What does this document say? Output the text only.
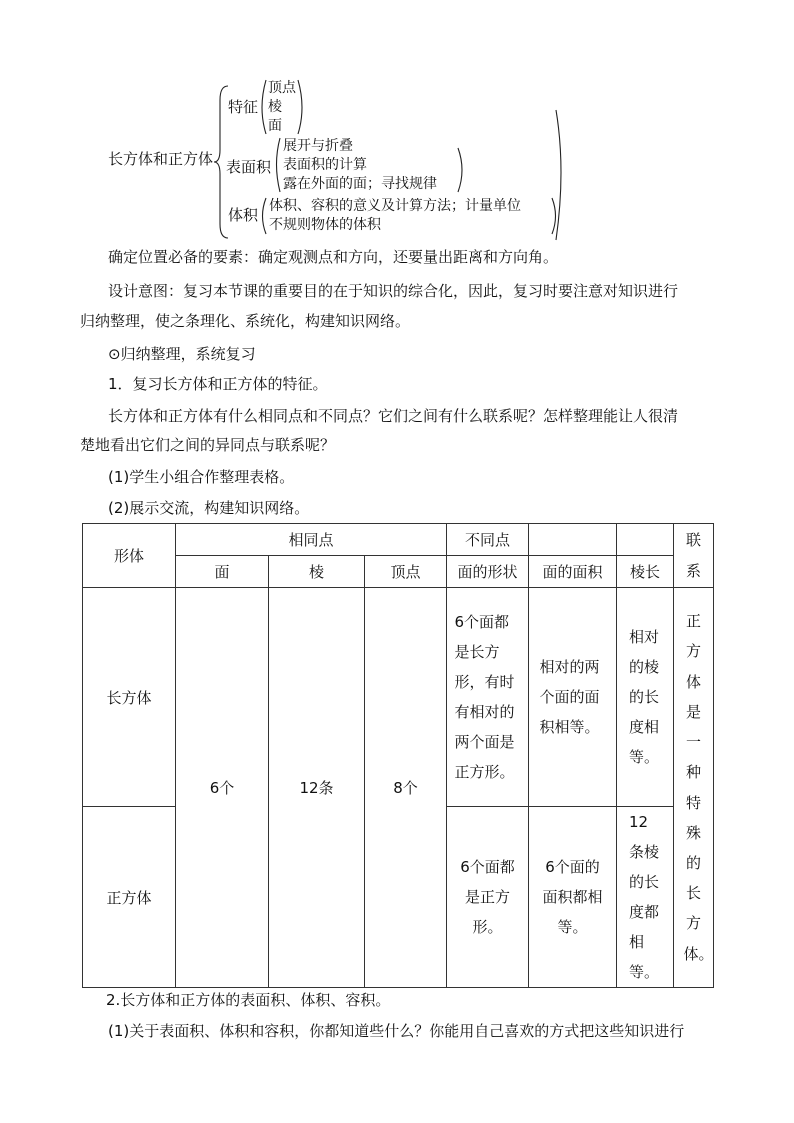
长方体和正方体
特征
顶点
棱
面
表面积
展开与折叠
表面积的计算
露在外面的面；寻找规律
体积 体积、容积的意义及计算方法；计量单位
不规则物体的体积
确定位置必备的要素：确定观测点和方向，还要量出距离和方向角。
设计意图：复习本节课的重要目的在于知识的综合化，因此，复习时要注意对知识进行
归纳整理，使之条理化、系统化，构建知识网络。
⊙归纳整理，系统复习
1．复习长方体和正方体的特征。
长方体和正方体有什么相同点和不同点？它们之间有什么联系呢？怎样整理能让人很清
楚地看出它们之间的异同点与联系呢？
(1)学生小组合作整理表格。
(2)展示交流，构建知识网络。
形体	相同点			不同点			联系

	面	棱	顶点	面的形状	面的面积	棱长	
长方体	6个	12条	8个	6个面都是长方形，有时有相对的两个面是正方形。	相对的两个面的面积相等。	相对的棱的长度相等。	正方体是一种特殊的长方体。

正方体				6个面都是正方形。	6个面的面积都相等。	12条棱的长度都相等。	
2.长方体和正方体的表面积、体积、容积。
(1)关于表面积、体积和容积，你都知道些什么？你能用自己喜欢的方式把这些知识进行
